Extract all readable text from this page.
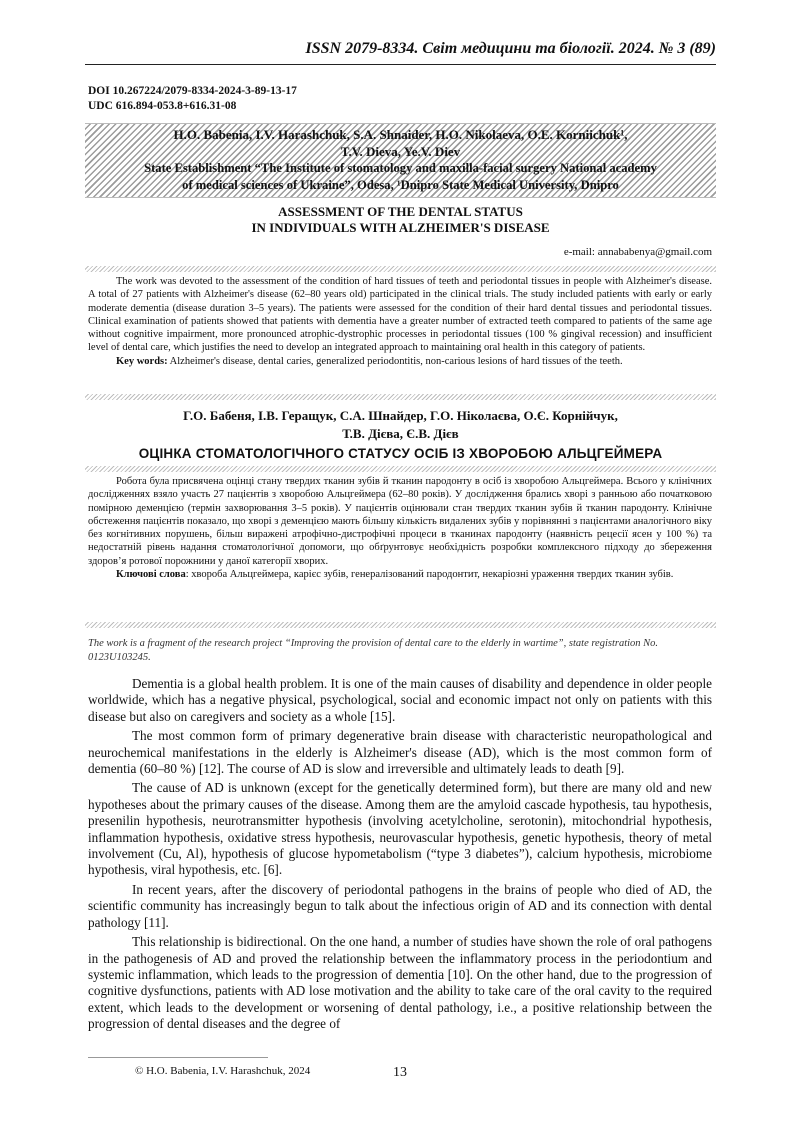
ISSN 2079-8334. Світ медицини та біології. 2024. № 3 (89)
DOI 10.267224/2079-8334-2024-3-89-13-17
UDC 616.894-053.8+616.31-08
H.O. Babenia, I.V. Harashchuk, S.A. Shnaider, H.O. Nikolaeva, O.E. Korniichuk¹,
T.V. Dieva, Ye.V. Diev
State Establishment “The Institute of stomatology and maxilla-facial surgery National academy
of medical sciences of Ukraine”, Odesa, ¹Dnipro State Medical University, Dnipro
ASSESSMENT OF THE DENTAL STATUS
IN INDIVIDUALS WITH ALZHEIMER'S DISEASE
e-mail: annababenya@gmail.com

The work was devoted to the assessment of the condition of hard tissues of teeth and periodontal tissues in people with Alzheimer's disease. A total of 27 patients with Alzheimer's disease (62–80 years old) participated in the clinical trials. The study included patients with early or early moderate dementia (disease duration 3–5 years). The patients were assessed for the condition of their hard dental tissues and periodontal tissues. Clinical examination of patients showed that patients with dementia have a greater number of extracted teeth compared to patients of the same age without cognitive impairment, more pronounced atrophic-dystrophic processes in periodontal tissues (100 % gingival recession) and insufficient level of dental care, which justifies the need to develop an integrated approach to maintaining oral health in this category of patients.

Key words: Alzheimer's disease, dental caries, generalized periodontitis, non-carious lesions of hard tissues of the teeth.

Г.О. Бабеня, І.В. Геращук, С.А. Шнайдер, Г.О. Ніколаєва, О.Є. Корнійчук,
Т.В. Дієва, Є.В. Дієв
ОЦІНКА СТОМАТОЛОГІЧНОГО СТАТУСУ ОСІБ ІЗ ХВОРОБОЮ АЛЬЦГЕЙМЕРА

Робота була присвячена оцінці стану твердих тканин зубів й тканин пародонту в осіб із хворобою Альцгеймера. Всього у клінічних дослідженнях взяло участь 27 пацієнтів з хворобою Альцгеймера (62–80 років). У дослідження брались хворі з ранньою або початковою помірною деменцією (термін захворювання 3–5 років). У пацієнтів оцінювали стан твердих тканин зубів й тканин пародонту. Клінічне обстеження пацієнтів показало, що хворі з деменцією мають більшу кількість видалених зубів у порівнянні з пацієнтами аналогічного віку без когнітивних порушень, більш виражені атрофічно-дистрофічні процеси в тканинах пародонту (наявність рецесії ясен у 100 %) та недостатній рівень надання стоматологічної допомоги, що обґрунтовує необхідність розробки комплексного підходу до збереження здоров’я ротової порожнини у даної категорії хворих.

Ключові слова: хвороба Альцгеймера, карієс зубів, генералізований пародонтит, некаріозні ураження твердих тканин зубів.

The work is a fragment of the research project “Improving the provision of dental care to the elderly in wartime”, state registration No. 0123U103245.

Dementia is a global health problem. It is one of the main causes of disability and dependence in older people worldwide, which has a negative physical, psychological, social and economic impact not only on patients with this disease but also on caregivers and society as a whole [15].

The most common form of primary degenerative brain disease with characteristic neuropathological and neurochemical manifestations in the elderly is Alzheimer's disease (AD), which is the most common form of dementia (60–80 %) [12]. The course of AD is slow and irreversible and ultimately leads to death [9].

The cause of AD is unknown (except for the genetically determined form), but there are many old and new hypotheses about the primary causes of the disease. Among them are the amyloid cascade hypothesis, tau hypothesis, presenilin hypothesis, neurotransmitter hypothesis (involving acetylcholine, serotonin), mitochondrial hypothesis, inflammation hypothesis, oxidative stress hypothesis, neurovascular hypothesis, genetic hypothesis, theory of metal involvement (Cu, Al), hypothesis of glucose hypometabolism (“type 3 diabetes”), calcium hypothesis, microbiome hypothesis, viral hypothesis, etc. [6].

In recent years, after the discovery of periodontal pathogens in the brains of people who died of AD, the scientific community has increasingly begun to talk about the infectious origin of AD and its connection with dental pathology [11].

This relationship is bidirectional. On the one hand, a number of studies have shown the role of oral pathogens in the pathogenesis of AD and proved the relationship between the inflammatory process in the periodontium and systemic inflammation, which leads to the progression of dementia [10]. On the other hand, due to the progression of cognitive dysfunctions, patients with AD lose motivation and the ability to take care of the oral cavity to the required extent, which leads to the development or worsening of dental pathology, i.e., a positive relationship between the progression of dental diseases and the degree of

© H.O. Babenia, I.V. Harashchuk, 2024	13
